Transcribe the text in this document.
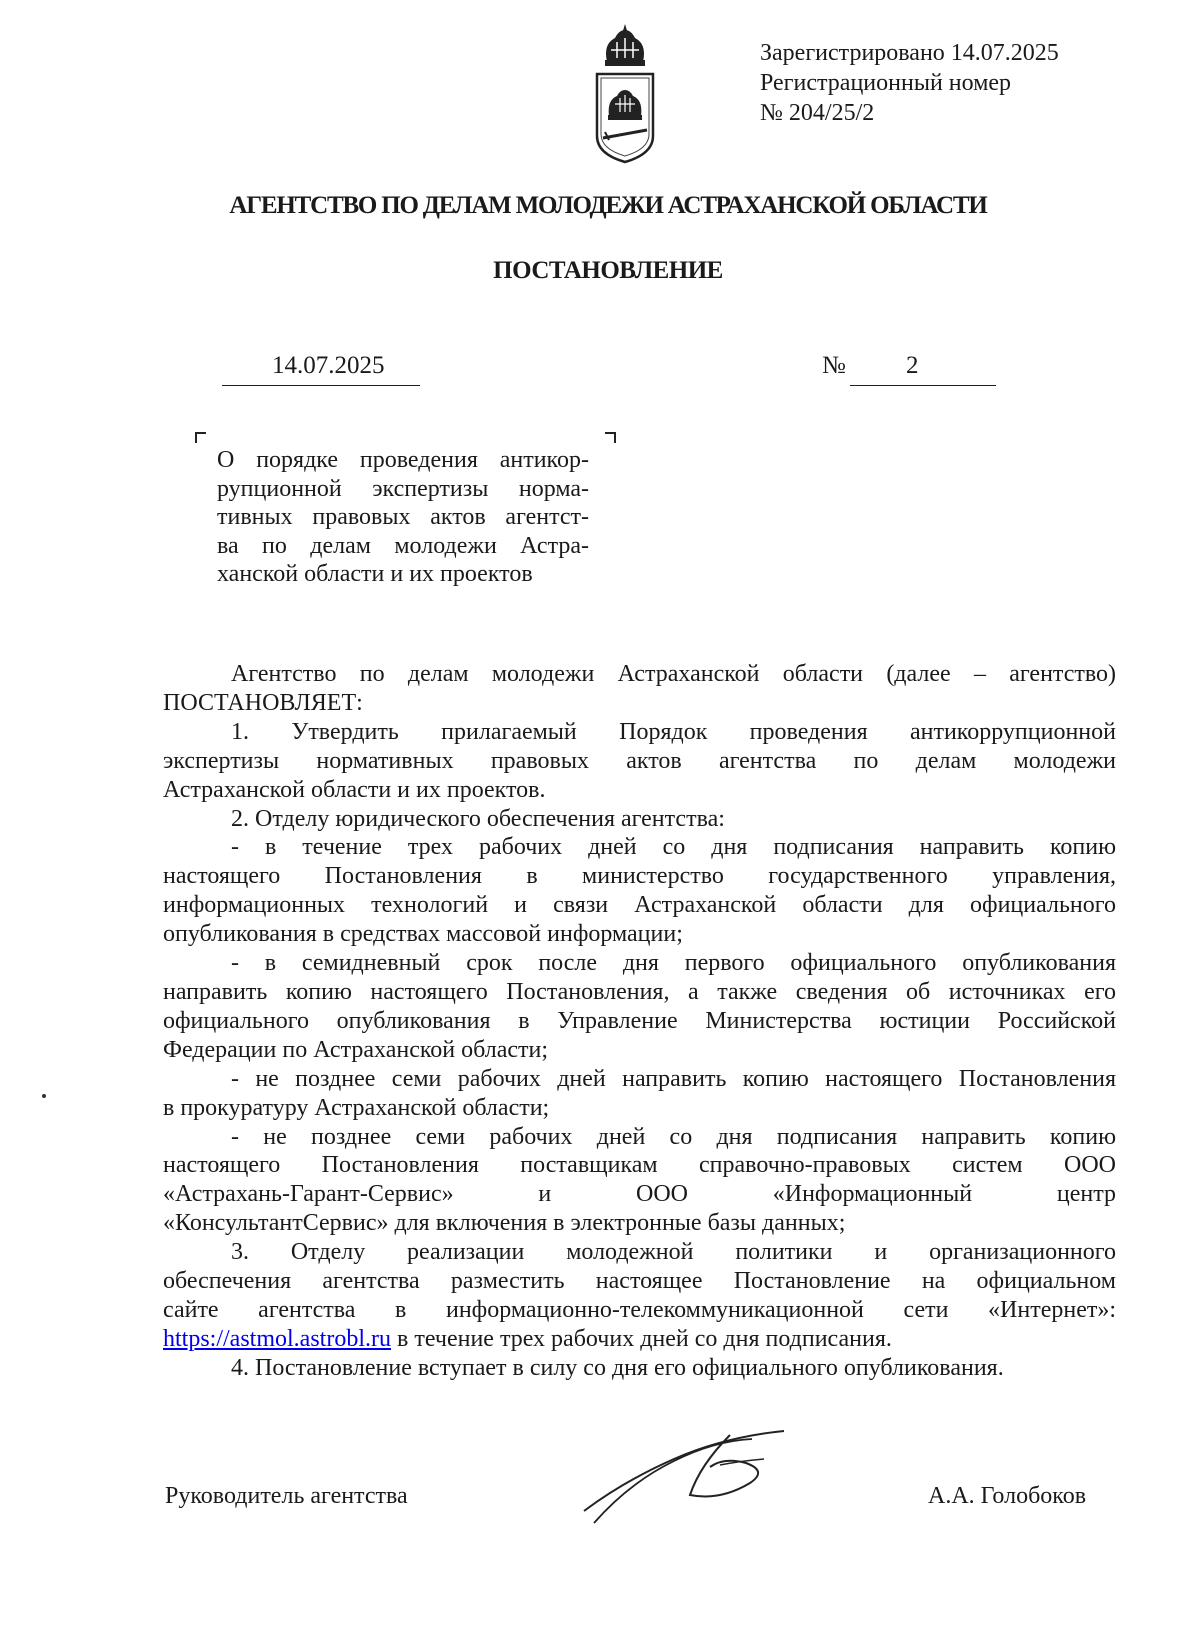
Зарегистрировано 14.07.2025
Регистрационный номер
№ 204/25/2
АГЕНТСТВО ПО ДЕЛАМ МОЛОДЕЖИ АСТРАХАНСКОЙ ОБЛАСТИ
ПОСТАНОВЛЕНИЕ
14.07.2025	№ 2
О порядке проведения антикор-
рупционной экспертизы норма-
тивных правовых актов агентст-
ва по делам молодежи Астра-
ханской области и их проектов
Агентство по делам молодежи Астраханской области (далее – агентство)
ПОСТАНОВЛЯЕТ:
1. Утвердить прилагаемый Порядок проведения антикоррупционной
экспертизы нормативных правовых актов агентства по делам молодежи
Астраханской области и их проектов.
2. Отделу юридического обеспечения агентства:
- в течение трех рабочих дней со дня подписания направить копию
настоящего Постановления в министерство государственного управления,
информационных технологий и связи Астраханской области для официального
опубликования в средствах массовой информации;
- в семидневный срок после дня первого официального опубликования
направить копию настоящего Постановления, а также сведения об источниках его
официального опубликования в Управление Министерства юстиции Российской
Федерации по Астраханской области;
- не позднее семи рабочих дней направить копию настоящего Постановления
в прокуратуру Астраханской области;
- не позднее семи рабочих дней со дня подписания направить копию
настоящего Постановления поставщикам справочно-правовых систем ООО
«Астрахань-Гарант-Сервис» и ООО «Информационный центр
«КонсультантСервис» для включения в электронные базы данных;
3. Отделу реализации молодежной политики и организационного
обеспечения агентства разместить настоящее Постановление на официальном
сайте агентства в информационно-телекоммуникационной сети «Интернет»:
https://astmol.astrobl.ru в течение трех рабочих дней со дня подписания.
4. Постановление вступает в силу со дня его официального опубликования.
Руководитель агентства	А.А. Голобоков
